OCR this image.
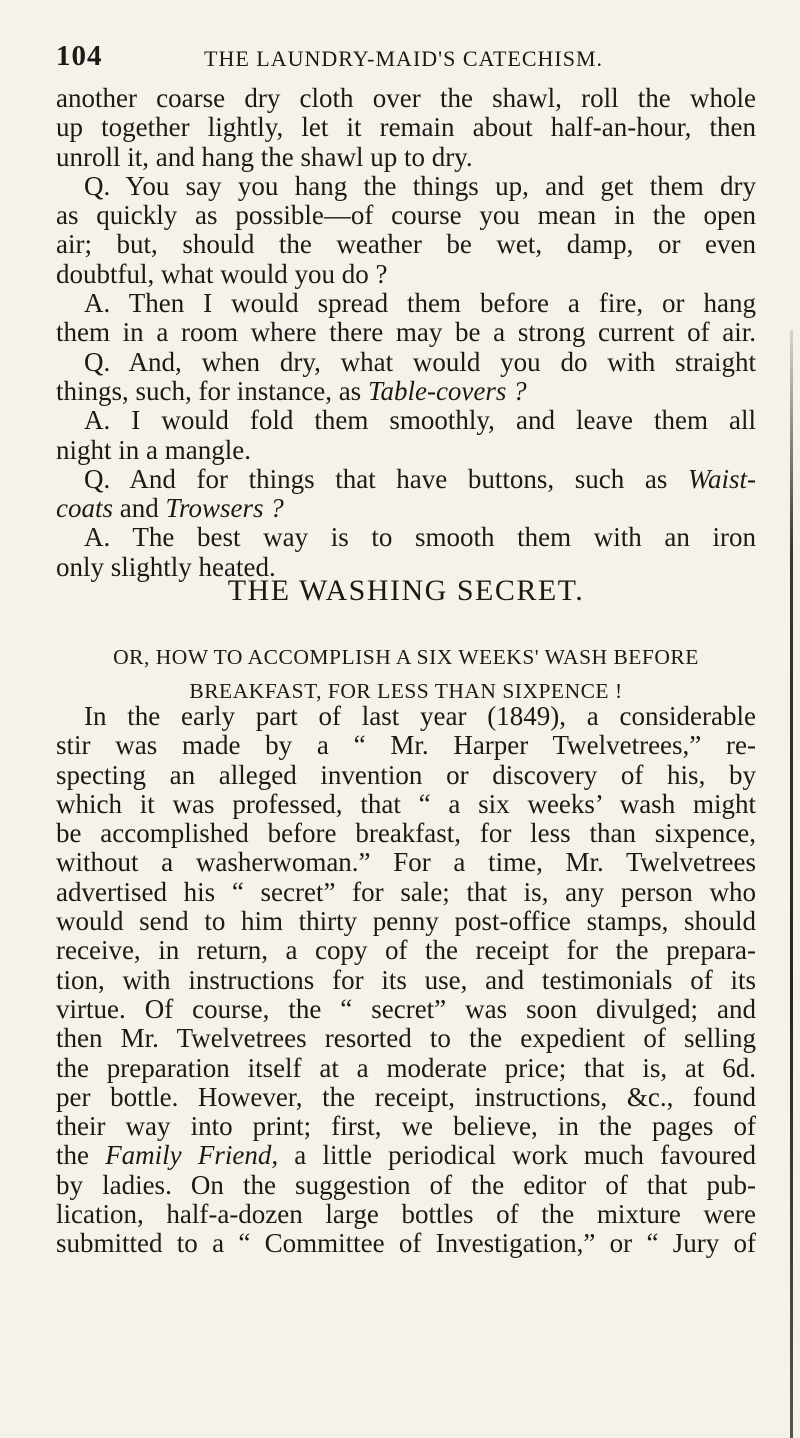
104	THE LAUNDRY-MAID'S CATECHISM.
another coarse dry cloth over the shawl, roll the whole
up together lightly, let it remain about half-an-hour, then
unroll it, and hang the shawl up to dry.
Q. You say you hang the things up, and get them dry
as quickly as possible—of course you mean in the open
air; but, should the weather be wet, damp, or even
doubtful, what would you do ?
A. Then I would spread them before a fire, or hang
them in a room where there may be a strong current of air.
Q. And, when dry, what would you do with straight
things, such, for instance, as Table-covers ?
A. I would fold them smoothly, and leave them all
night in a mangle.
Q. And for things that have buttons, such as Waist-
coats and Trowsers ?
A. The best way is to smooth them with an iron
only slightly heated.
THE WASHING SECRET.
OR, HOW TO ACCOMPLISH A SIX WEEKS' WASH BEFORE
BREAKFAST, FOR LESS THAN SIXPENCE !
In the early part of last year (1849), a considerable
stir was made by a “ Mr. Harper Twelvetrees,” re-
specting an alleged invention or discovery of his, by
which it was professed, that “ a six weeks’ wash might
be accomplished before breakfast, for less than sixpence,
without a washerwoman.” For a time, Mr. Twelvetrees
advertised his “ secret” for sale; that is, any person who
would send to him thirty penny post-office stamps, should
receive, in return, a copy of the receipt for the prepara-
tion, with instructions for its use, and testimonials of its
virtue. Of course, the “ secret” was soon divulged; and
then Mr. Twelvetrees resorted to the expedient of selling
the preparation itself at a moderate price; that is, at 6d.
per bottle. However, the receipt, instructions, &c., found
their way into print; first, we believe, in the pages of
the Family Friend, a little periodical work much favoured
by ladies. On the suggestion of the editor of that pub-
lication, half-a-dozen large bottles of the mixture were
submitted to a “ Committee of Investigation,” or “ Jury of
